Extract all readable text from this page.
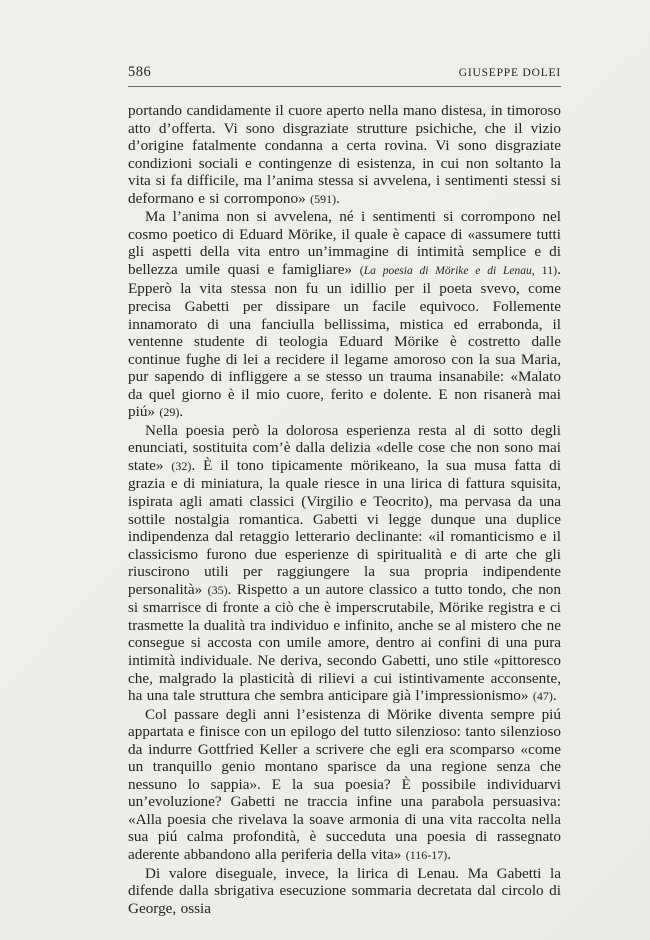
586	GIUSEPPE DOLEI

portando candidamente il cuore aperto nella mano distesa, in timoroso atto d’offerta. Vi sono disgraziate strutture psichiche, che il vizio d’origine fatalmente condanna a certa rovina. Vi sono disgraziate condizioni sociali e contingenze di esistenza, in cui non soltanto la vita si fa difficile, ma l’anima stessa si avvelena, i sentimenti stessi si deformano e si corrompono» (591).

Ma l’anima non si avvelena, né i sentimenti si corrompono nel cosmo poetico di Eduard Mörike, il quale è capace di «assumere tutti gli aspetti della vita entro un’immagine di intimità semplice e di bellezza umile quasi e famigliare» (La poesia di Mörike e di Lenau, 11). Epperò la vita stessa non fu un idillio per il poeta svevo, come precisa Gabetti per dissipare un facile equivoco. Follemente innamorato di una fanciulla bellissima, mistica ed errabonda, il ventenne studente di teologia Eduard Mörike è costretto dalle continue fughe di lei a recidere il legame amoroso con la sua Maria, pur sapendo di infliggere a se stesso un trauma insanabile: «Malato da quel giorno è il mio cuore, ferito e dolente. E non risanerà mai piú» (29).

Nella poesia però la dolorosa esperienza resta al di sotto degli enunciati, sostituita com’è dalla delizia «delle cose che non sono mai state» (32). È il tono tipicamente mörikeano, la sua musa fatta di grazia e di miniatura, la quale riesce in una lirica di fattura squisita, ispirata agli amati classici (Virgilio e Teocrito), ma pervasa da una sottile nostalgia romantica. Gabetti vi legge dunque una duplice indipendenza dal retaggio letterario declinante: «il romanticismo e il classicismo furono due esperienze di spiritualità e di arte che gli riuscirono utili per raggiungere la sua propria indipendente personalità» (35). Rispetto a un autore classico a tutto tondo, che non si smarrisce di fronte a ciò che è imperscrutabile, Mörike registra e ci trasmette la dualità tra individuo e infinito, anche se al mistero che ne consegue si accosta con umile amore, dentro ai confini di una pura intimità individuale. Ne deriva, secondo Gabetti, uno stile «pittoresco che, malgrado la plasticità di rilievi a cui istintivamente acconsente, ha una tale struttura che sembra anticipare già l’impressionismo» (47).

Col passare degli anni l’esistenza di Mörike diventa sempre piú appartata e finisce con un epilogo del tutto silenzioso: tanto silenzioso da indurre Gottfried Keller a scrivere che egli era scomparso «come un tranquillo genio montano sparisce da una regione senza che nessuno lo sappia». E la sua poesia? È possibile individuarvi un’evoluzione? Gabetti ne traccia infine una parabola persuasiva: «Alla poesia che rivelava la soave armonia di una vita raccolta nella sua piú calma profondità, è succeduta una poesia di rassegnato aderente abbandono alla periferia della vita» (116-17).

Di valore diseguale, invece, la lirica di Lenau. Ma Gabetti la difende dalla sbrigativa esecuzione sommaria decretata dal circolo di George, ossia
